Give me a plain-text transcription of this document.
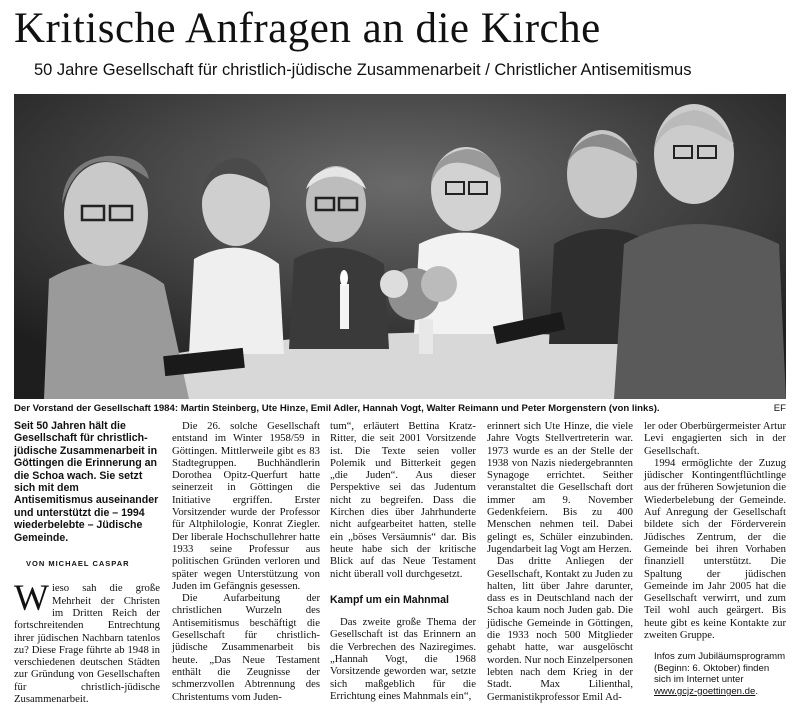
Kritische Anfragen an die Kirche
50 Jahre Gesellschaft für christlich-jüdische Zusammenarbeit / Christlicher Antisemitismus
Der Vorstand der Gesellschaft 1984: Martin Steinberg, Ute Hinze, Emil Adler, Hannah Vogt, Walter Reimann und Peter Morgenstern (von links).	EF

Seit 50 Jahren hält die Gesellschaft für christlich-jüdische Zusammenarbeit in Göttingen die Erinnerung an die Schoa wach. Sie setzt sich mit dem Antisemitismus auseinander und unterstützt die – 1994 wiederbelebte – Jüdische Gemeinde.

VON MICHAEL CASPAR

Wieso sah die große Mehrheit der Christen im Dritten Reich der fortschreitenden Entrechtung ihrer jüdischen Nachbarn tatenlos zu? Diese Frage führte ab 1948 in verschiedenen deutschen Städten zur Gründung von Gesellschaften für christlich-jüdische Zusammenarbeit.

Die 26. solche Gesellschaft entstand im Winter 1958/59 in Göttingen. Mittlerweile gibt es 83 Stadtegruppen. Buchhändlerin Dorothea Opitz-Querfurt hatte seinerzeit in Göttingen die Initiative ergriffen. Erster Vorsitzender wurde der Professor für Altphilologie, Konrat Ziegler. Der liberale Hochschullehrer hatte 1933 seine Professur aus politischen Gründen verloren und später wegen Unterstützung von Juden im Gefängnis gesessen.

Die Aufarbeitung der christlichen Wurzeln des Antisemitismus beschäftigt die Gesellschaft für christlich-jüdische Zusammenarbeit bis heute. „Das Neue Testament enthält die Zeugnisse der schmerzvollen Abtrennung des Christentums vom Juden-

tum“, erläutert Bettina Kratz-Ritter, die seit 2001 Vorsitzende ist. Die Texte seien voller Polemik und Bitterkeit gegen „die Juden“. Aus dieser Perspektive sei das Judentum nicht zu begreifen. Dass die Kirchen dies über Jahrhunderte nicht aufgearbeitet hatten, stelle ein „böses Versäumnis“ dar. Bis heute habe sich der kritische Blick auf das Neue Testament nicht überall voll durchgesetzt.

Kampf um ein Mahnmal

Das zweite große Thema der Gesellschaft ist das Erinnern an die Verbrechen des Naziregimes. „Hannah Vogt, die 1968 Vorsitzende geworden war, setzte sich maßgeblich für die Errichtung eines Mahnmals ein“,

erinnert sich Ute Hinze, die viele Jahre Vogts Stellvertreterin war. 1973 wurde es an der Stelle der 1938 von Nazis niedergebrannten Synagoge errichtet. Seither veranstaltet die Gesellschaft dort immer am 9. November Gedenkfeiern. Bis zu 400 Menschen nehmen teil. Dabei gelingt es, Schüler einzubinden. Jugendarbeit lag Vogt am Herzen.

Das dritte Anliegen der Gesellschaft, Kontakt zu Juden zu halten, litt über Jahre darunter, dass es in Deutschland nach der Schoa kaum noch Juden gab. Die jüdische Gemeinde in Göttingen, die 1933 noch 500 Mitglieder gehabt hatte, war ausgelöscht worden. Nur noch Einzelpersonen lebten nach dem Krieg in der Stadt. Max Lilienthal, Germanistikprofessor Emil Ad-

ler oder Oberbürgermeister Artur Levi engagierten sich in der Gesellschaft.

1994 ermöglichte der Zuzug jüdischer Kontingentflüchtlinge aus der früheren Sowjetunion die Wiederbelebung der Gemeinde. Auf Anregung der Gesellschaft bildete sich der Förderverein Jüdisches Zentrum, der die Gemeinde bei ihren Vorhaben finanziell unterstützt. Die Spaltung der jüdischen Gemeinde im Jahr 2005 hat die Gesellschaft verwirrt, und zum Teil wohl auch geärgert. Bis heute gibt es keine Kontakte zur zweiten Gruppe.

Infos zum Jubiläumsprogramm (Beginn: 6. Oktober) finden sich im Internet unter www.gcjz-goettingen.de.
